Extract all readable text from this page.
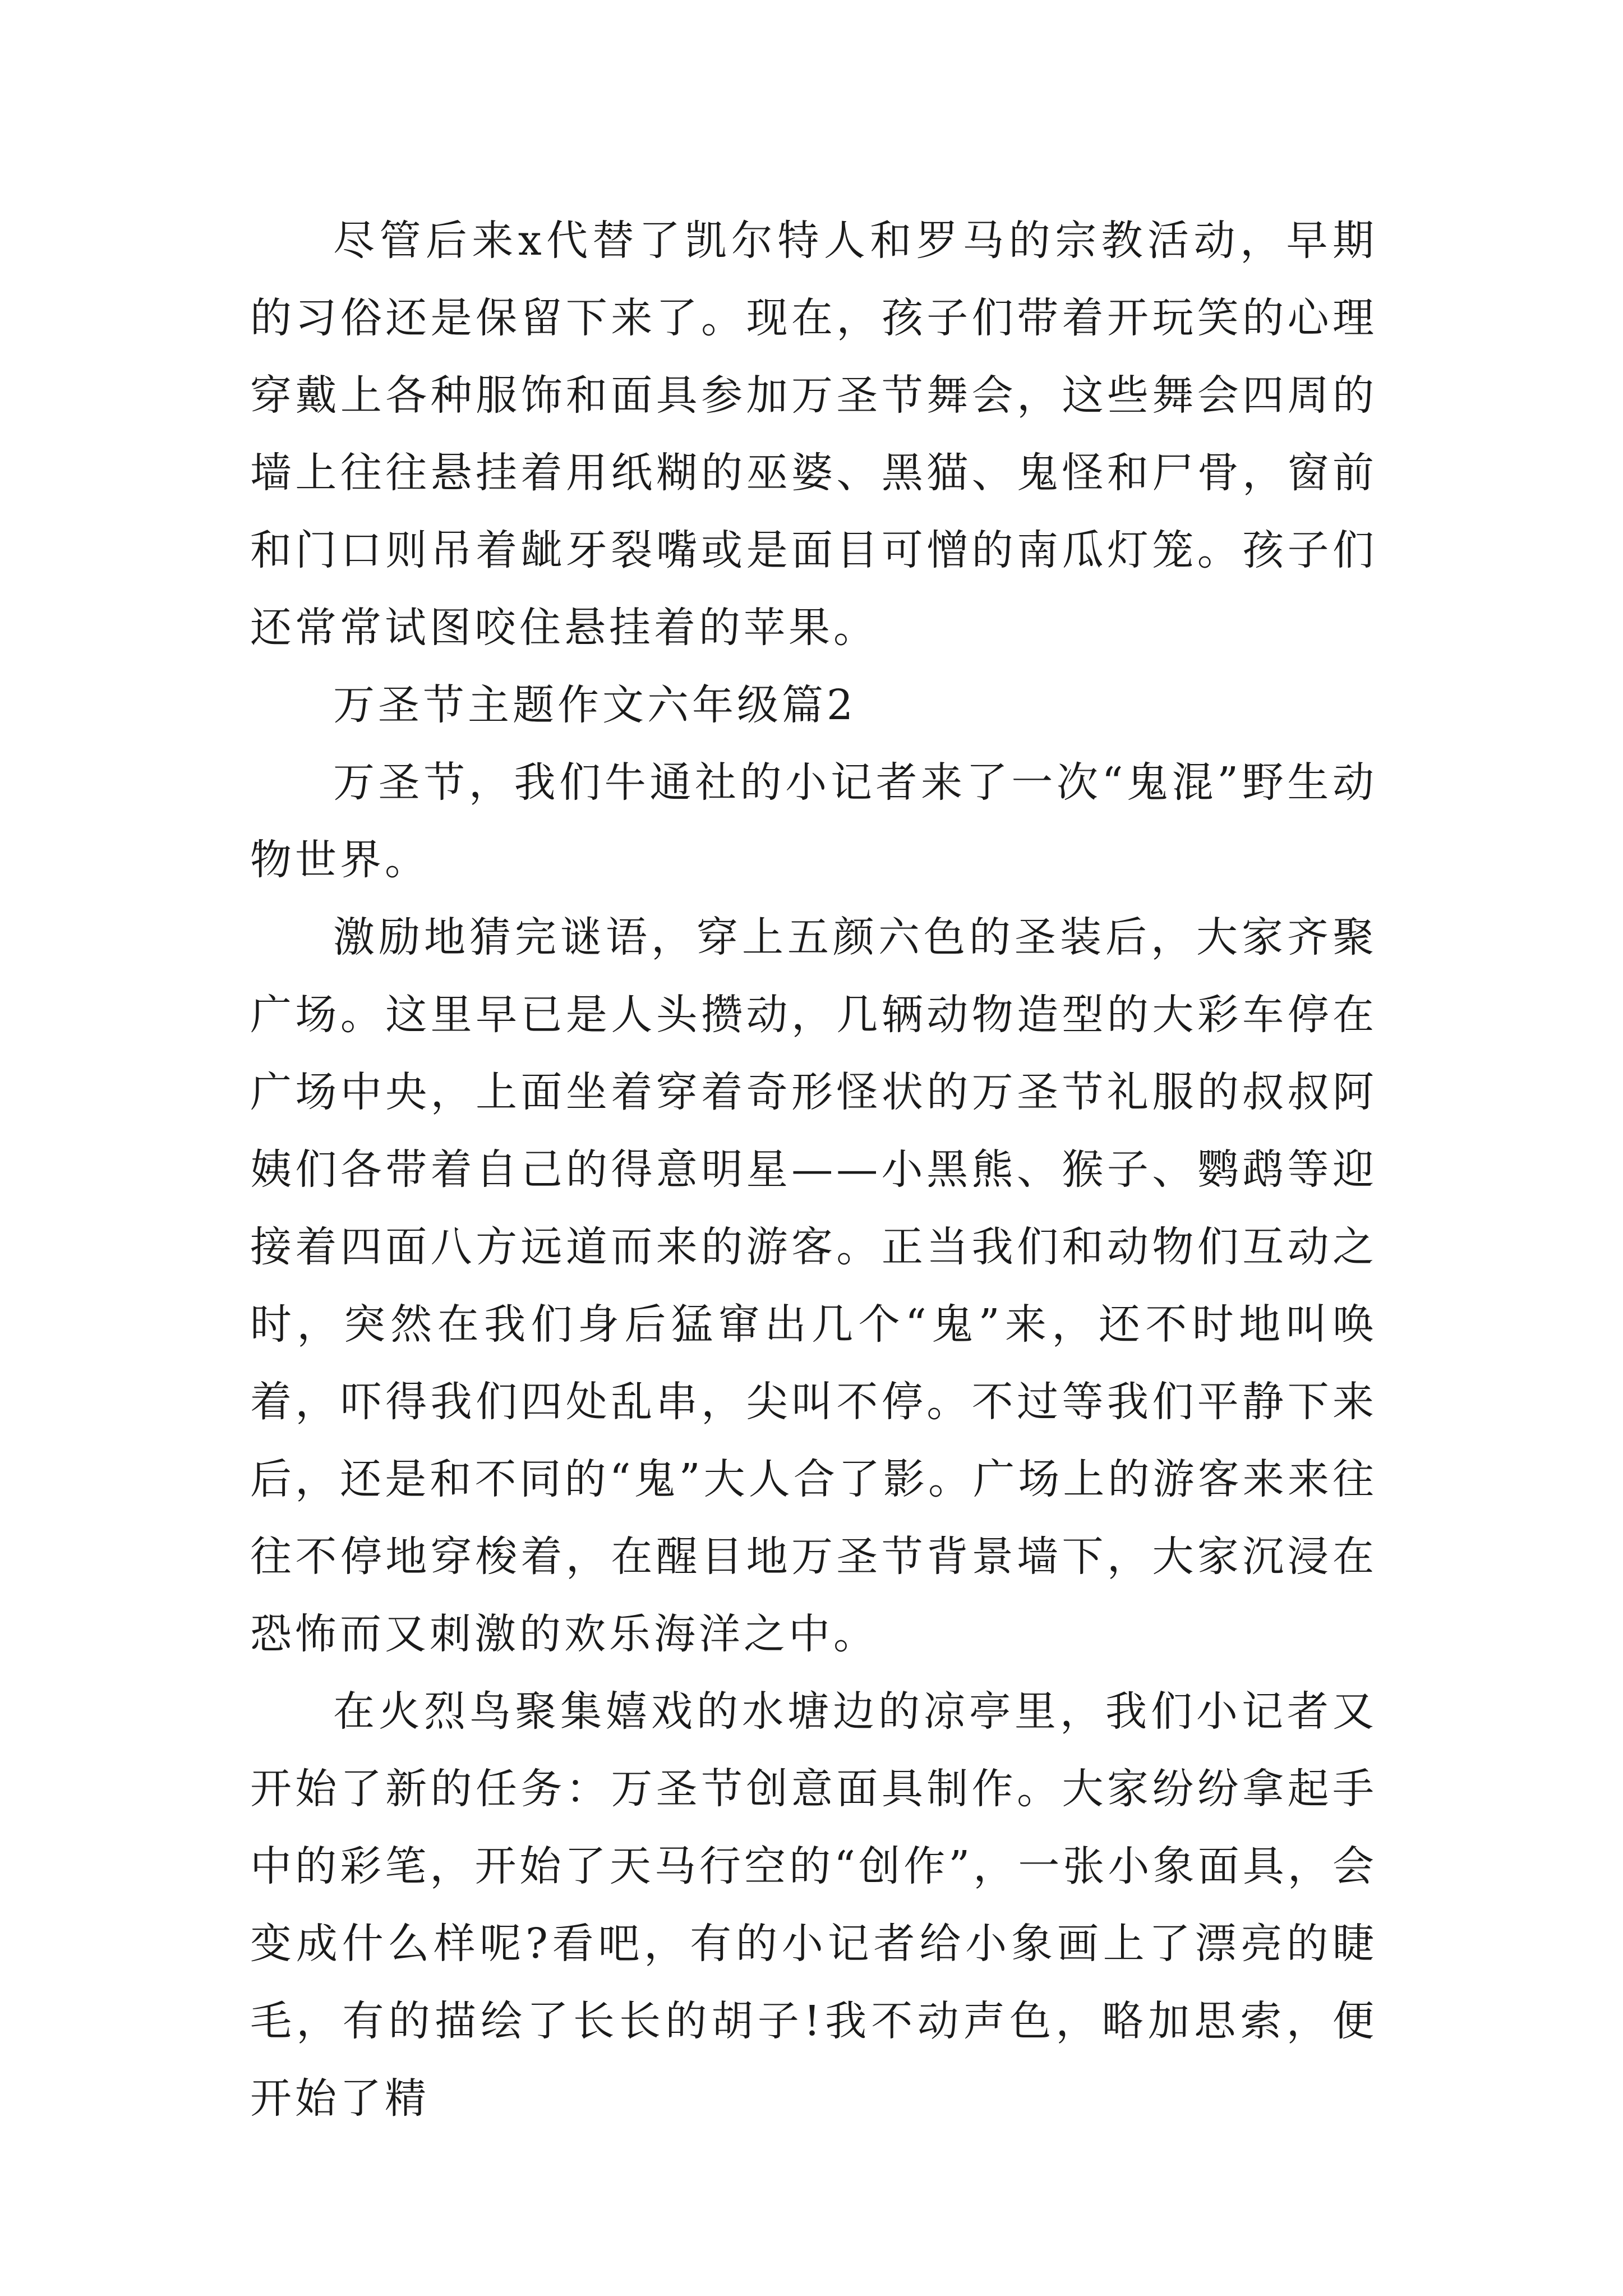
尽管后来x代替了凯尔特人和罗马的宗教活动，早期的习俗还是保留下来了。现在，孩子们带着开玩笑的心理穿戴上各种服饰和面具参加万圣节舞会，这些舞会四周的墙上往往悬挂着用纸糊的巫婆、黑猫、鬼怪和尸骨，窗前和门口则吊着龇牙裂嘴或是面目可憎的南瓜灯笼。孩子们还常常试图咬住悬挂着的苹果。

万圣节主题作文六年级篇2

万圣节，我们牛通社的小记者来了一次“鬼混”野生动物世界。

激励地猜完谜语，穿上五颜六色的圣装后，大家齐聚广场。这里早已是人头攒动，几辆动物造型的大彩车停在广场中央，上面坐着穿着奇形怪状的万圣节礼服的叔叔阿姨们各带着自己的得意明星——小黑熊、猴子、鹦鹉等迎接着四面八方远道而来的游客。正当我们和动物们互动之时，突然在我们身后猛窜出几个“鬼”来，还不时地叫唤着，吓得我们四处乱串，尖叫不停。不过等我们平静下来后，还是和不同的“鬼”大人合了影。广场上的游客来来往往不停地穿梭着，在醒目地万圣节背景墙下，大家沉浸在恐怖而又刺激的欢乐海洋之中。

在火烈鸟聚集嬉戏的水塘边的凉亭里，我们小记者又开始了新的任务：万圣节创意面具制作。大家纷纷拿起手中的彩笔，开始了天马行空的“创作”，一张小象面具，会变成什么样呢?看吧，有的小记者给小象画上了漂亮的睫毛，有的描绘了长长的胡子!我不动声色，略加思索，便开始了精
